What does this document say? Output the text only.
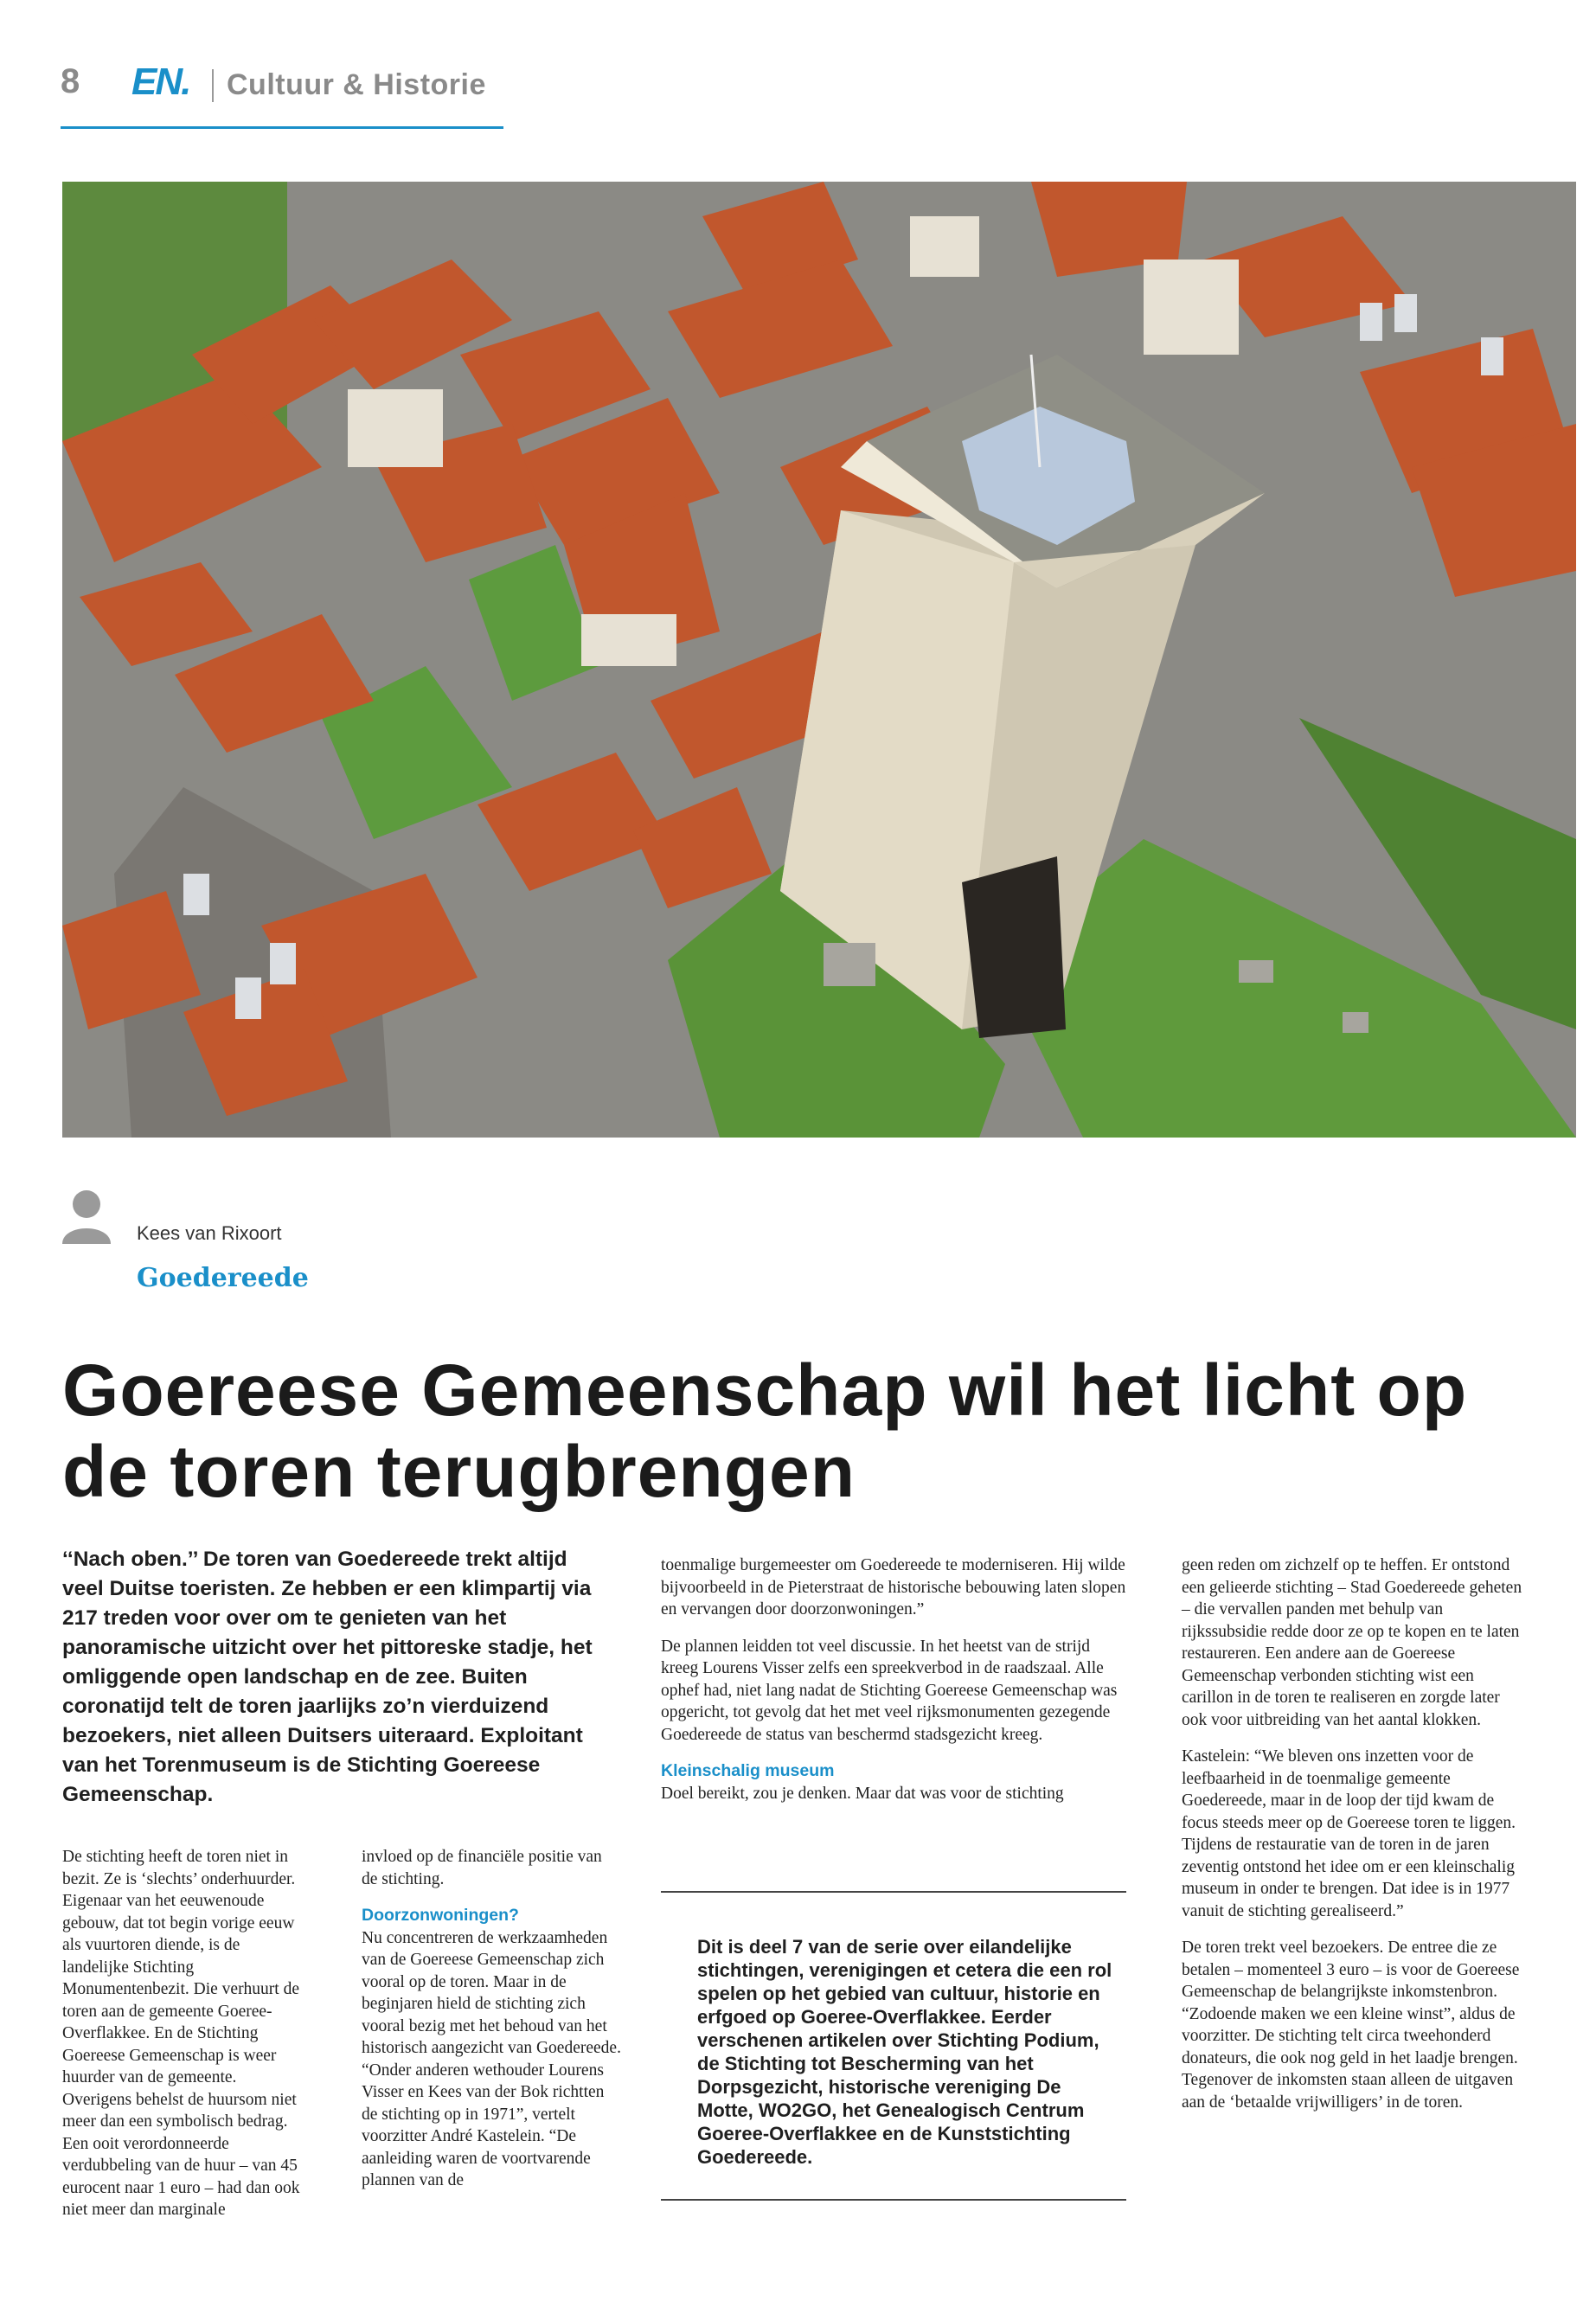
8 EN. Cultuur & Historie
Kees van Rixoort
Goedereede
Goereese Gemeenschap wil het licht op de toren terugbrengen
‘‘Nach oben.’’ De toren van Goedereede trekt altijd veel Duitse toeristen. Ze hebben er een klimpartij via 217 treden voor over om te genieten van het panoramische uitzicht over het pittoreske stadje, het omliggende open landschap en de zee. Buiten coronatijd telt de toren jaarlijks zo’n vierduizend bezoekers, niet alleen Duitsers uiteraard. Exploitant van het Torenmuseum is de Stichting Goereese Gemeenschap.

De stichting heeft de toren niet in bezit. Ze is ‘slechts’ onderhuurder. Eigenaar van het eeuwenoude gebouw, dat tot begin vorige eeuw als vuurtoren diende, is de landelijke Stichting Monumentenbezit. Die verhuurt de toren aan de gemeente Goeree-Overflakkee. En de Stichting Goereese Gemeenschap is weer huurder van de gemeente. Overigens behelst de huursom niet meer dan een symbolisch bedrag. Een ooit verordonneerde verdubbeling van de huur – van 45 eurocent naar 1 euro – had dan ook niet meer dan marginale

invloed op de financiële positie van de stichting.

Doorzonwoningen?

Nu concentreren de werkzaamheden van de Goereese Gemeenschap zich vooral op de toren. Maar in de beginjaren hield de stichting zich vooral bezig met het behoud van het historisch aangezicht van Goedereede. “Onder anderen wethouder Lourens Visser en Kees van der Bok richtten de stichting op in 1971”, vertelt voorzitter André Kastelein. “De aanleiding waren de voortvarende plannen van de

toenmalige burgemeester om Goedereede te moderniseren. Hij wilde bijvoorbeeld in de Pieterstraat de historische bebouwing laten slopen en vervangen door doorzonwoningen.”

De plannen leidden tot veel discussie. In het heetst van de strijd kreeg Lourens Visser zelfs een spreekverbod in de raadszaal. Alle ophef had, niet lang nadat de Stichting Goereese Gemeenschap was opgericht, tot gevolg dat het met veel rijksmonumenten gezegende Goedereede de status van beschermd stadsgezicht kreeg.

Kleinschalig museum

Doel bereikt, zou je denken. Maar dat was voor de stichting

Dit is deel 7 van de serie over eilandelijke stichtingen, verenigingen et cetera die een rol spelen op het gebied van cultuur, historie en erfgoed op Goeree-Overflakkee. Eerder verschenen artikelen over Stichting Podium, de Stichting tot Bescherming van het Dorpsgezicht, historische vereniging De Motte, WO2GO, het Genealogisch Centrum Goeree-Overflakkee en de Kunststichting Goedereede.

geen reden om zichzelf op te heffen. Er ontstond een gelieerde stichting – Stad Goedereede geheten – die vervallen panden met behulp van rijkssubsidie redde door ze op te kopen en te laten restaureren. Een andere aan de Goereese Gemeenschap verbonden stichting wist een carillon in de toren te realiseren en zorgde later ook voor uitbreiding van het aantal klokken.

Kastelein: “We bleven ons inzetten voor de leefbaarheid in de toenmalige gemeente Goedereede, maar in de loop der tijd kwam de focus steeds meer op de Goereese toren te liggen. Tijdens de restauratie van de toren in de jaren zeventig ontstond het idee om er een kleinschalig museum in onder te brengen. Dat idee is in 1977 vanuit de stichting gerealiseerd.”

De toren trekt veel bezoekers. De entree die ze betalen – momenteel 3 euro – is voor de Goereese Gemeenschap de belangrijkste inkomstenbron. “Zodoende maken we een kleine winst”, aldus de voorzitter. De stichting telt circa tweehonderd donateurs, die ook nog geld in het laadje brengen. Tegenover de inkomsten staan alleen de uitgaven aan de ‘betaalde vrijwilligers’ in de toren.
